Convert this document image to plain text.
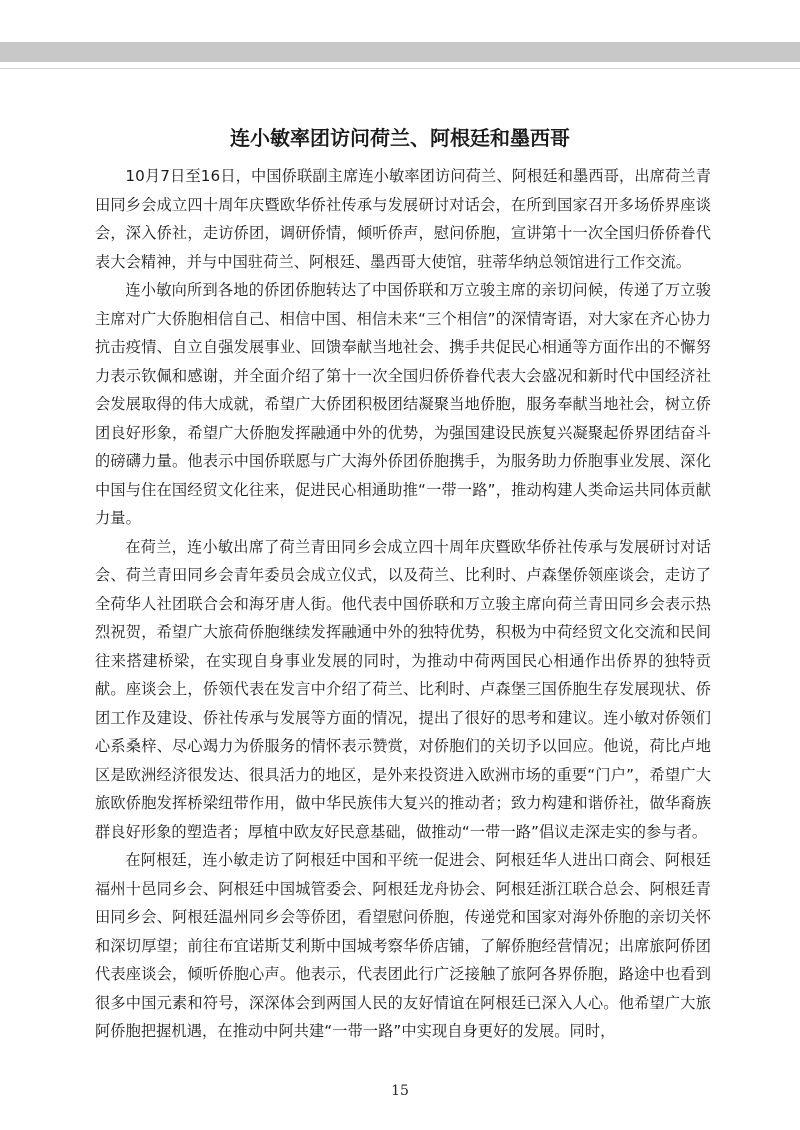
CHINESE CHAMBER OF COMMERCE INFORMATION
连小敏率团访问荷兰、阿根廷和墨西哥

10月7日至16日，中国侨联副主席连小敏率团访问荷兰、阿根廷和墨西哥，出席荷兰青田同乡会成立四十周年庆暨欧华侨社传承与发展研讨对话会，在所到国家召开多场侨界座谈会，深入侨社，走访侨团，调研侨情，倾听侨声，慰问侨胞，宣讲第十一次全国归侨侨眷代表大会精神，并与中国驻荷兰、阿根廷、墨西哥大使馆，驻蒂华纳总领馆进行工作交流。

连小敏向所到各地的侨团侨胞转达了中国侨联和万立骏主席的亲切问候，传递了万立骏主席对广大侨胞相信自己、相信中国、相信未来“三个相信”的深情寄语，对大家在齐心协力抗击疫情、自立自强发展事业、回馈奉献当地社会、携手共促民心相通等方面作出的不懈努力表示钦佩和感谢，并全面介绍了第十一次全国归侨侨眷代表大会盛况和新时代中国经济社会发展取得的伟大成就，希望广大侨团积极团结凝聚当地侨胞，服务奉献当地社会，树立侨团良好形象，希望广大侨胞发挥融通中外的优势，为强国建设民族复兴凝聚起侨界团结奋斗的磅礴力量。他表示中国侨联愿与广大海外侨团侨胞携手，为服务助力侨胞事业发展、深化中国与住在国经贸文化往来，促进民心相通助推“一带一路”，推动构建人类命运共同体贡献力量。

在荷兰，连小敏出席了荷兰青田同乡会成立四十周年庆暨欧华侨社传承与发展研讨对话会、荷兰青田同乡会青年委员会成立仪式，以及荷兰、比利时、卢森堡侨领座谈会，走访了全荷华人社团联合会和海牙唐人街。他代表中国侨联和万立骏主席向荷兰青田同乡会表示热烈祝贺，希望广大旅荷侨胞继续发挥融通中外的独特优势，积极为中荷经贸文化交流和民间往来搭建桥梁，在实现自身事业发展的同时，为推动中荷两国民心相通作出侨界的独特贡献。座谈会上，侨领代表在发言中介绍了荷兰、比利时、卢森堡三国侨胞生存发展现状、侨团工作及建设、侨社传承与发展等方面的情况，提出了很好的思考和建议。连小敏对侨领们心系桑梓、尽心竭力为侨服务的情怀表示赞赏，对侨胞们的关切予以回应。他说，荷比卢地区是欧洲经济很发达、很具活力的地区，是外来投资进入欧洲市场的重要“门户”，希望广大旅欧侨胞发挥桥梁纽带作用，做中华民族伟大复兴的推动者；致力构建和谐侨社，做华裔族群良好形象的塑造者；厚植中欧友好民意基础，做推动“一带一路”倡议走深走实的参与者。

在阿根廷，连小敏走访了阿根廷中国和平统一促进会、阿根廷华人进出口商会、阿根廷福州十邑同乡会、阿根廷中国城管委会、阿根廷龙舟协会、阿根廷浙江联合总会、阿根廷青田同乡会、阿根廷温州同乡会等侨团，看望慰问侨胞，传递党和国家对海外侨胞的亲切关怀和深切厚望；前往布宜诺斯艾利斯中国城考察华侨店铺，了解侨胞经营情况；出席旅阿侨团代表座谈会，倾听侨胞心声。他表示，代表团此行广泛接触了旅阿各界侨胞，路途中也看到很多中国元素和符号，深深体会到两国人民的友好情谊在阿根廷已深入人心。他希望广大旅阿侨胞把握机遇，在推动中阿共建“一带一路”中实现自身更好的发展。同时，

15
